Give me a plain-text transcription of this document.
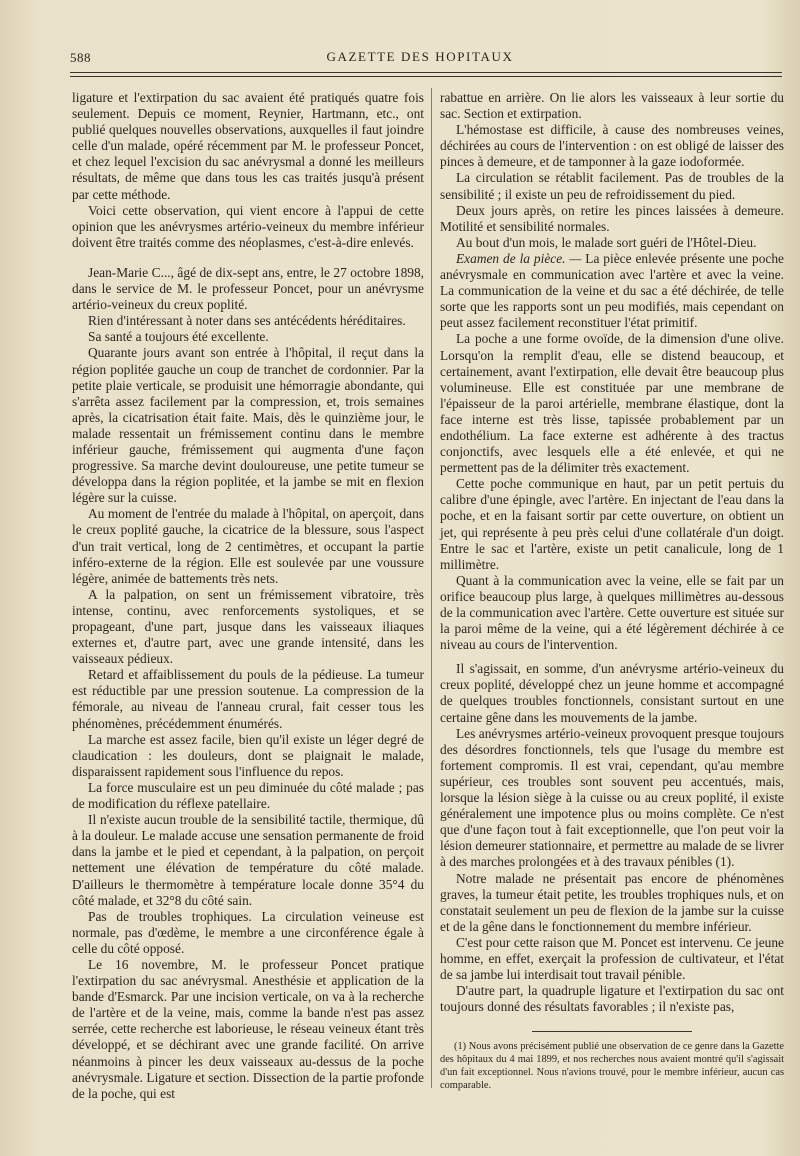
588	GAZETTE DES HOPITAUX

ligature et l'extirpation du sac avaient été pratiqués quatre fois seulement. Depuis ce moment, Reynier, Hartmann, etc., ont publié quelques nouvelles observations, auxquelles il faut joindre celle d'un malade, opéré récemment par M. le professeur Poncet, et chez lequel l'excision du sac anévrysmal a donné les meilleurs résultats, de même que dans tous les cas traités jusqu'à présent par cette méthode.

Voici cette observation, qui vient encore à l'appui de cette opinion que les anévrysmes artério-veineux du membre inférieur doivent être traités comme des néoplasmes, c'est-à-dire enlevés.

Jean-Marie C..., âgé de dix-sept ans, entre, le 27 octobre 1898, dans le service de M. le professeur Poncet, pour un anévrysme artério-veineux du creux poplité.

Rien d'intéressant à noter dans ses antécédents héréditaires.

Sa santé a toujours été excellente.

Quarante jours avant son entrée à l'hôpital, il reçut dans la région poplitée gauche un coup de tranchet de cordonnier. Par la petite plaie verticale, se produisit une hémorragie abondante, qui s'arrêta assez facilement par la compression, et, trois semaines après, la cicatrisation était faite. Mais, dès le quinzième jour, le malade ressentait un frémissement continu dans le membre inférieur gauche, frémissement qui augmenta d'une façon progressive. Sa marche devint douloureuse, une petite tumeur se développa dans la région poplitée, et la jambe se mit en flexion légère sur la cuisse.

Au moment de l'entrée du malade à l'hôpital, on aperçoit, dans le creux poplité gauche, la cicatrice de la blessure, sous l'aspect d'un trait vertical, long de 2 centimètres, et occupant la partie inféro-externe de la région. Elle est soulevée par une voussure légère, animée de battements très nets.

A la palpation, on sent un frémissement vibratoire, très intense, continu, avec renforcements systoliques, et se propageant, d'une part, jusque dans les vaisseaux iliaques externes et, d'autre part, avec une grande intensité, dans les vaisseaux pédieux.

Retard et affaiblissement du pouls de la pédieuse. La tumeur est réductible par une pression soutenue. La compression de la fémorale, au niveau de l'anneau crural, fait cesser tous les phénomènes, précédemment énumérés.

La marche est assez facile, bien qu'il existe un léger degré de claudication : les douleurs, dont se plaignait le malade, disparaissent rapidement sous l'influence du repos.

La force musculaire est un peu diminuée du côté malade ; pas de modification du réflexe patellaire.

Il n'existe aucun trouble de la sensibilité tactile, thermique, dû à la douleur. Le malade accuse une sensation permanente de froid dans la jambe et le pied et cependant, à la palpation, on perçoit nettement une élévation de température du côté malade. D'ailleurs le thermomètre à température locale donne 35°4 du côté malade, et 32°8 du côté sain.

Pas de troubles trophiques. La circulation veineuse est normale, pas d'œdème, le membre a une circonférence égale à celle du côté opposé.

Le 16 novembre, M. le professeur Poncet pratique l'extirpation du sac anévrysmal. Anesthésie et application de la bande d'Esmarck. Par une incision verticale, on va à la recherche de l'artère et de la veine, mais, comme la bande n'est pas assez serrée, cette recherche est laborieuse, le réseau veineux étant très développé, et se déchirant avec une grande facilité. On arrive néanmoins à pincer les deux vaisseaux au-dessus de la poche anévrysmale. Ligature et section. Dissection de la partie profonde de la poche, qui est

rabattue en arrière. On lie alors les vaisseaux à leur sortie du sac. Section et extirpation.

L'hémostase est difficile, à cause des nombreuses veines, déchirées au cours de l'intervention : on est obligé de laisser des pinces à demeure, et de tamponner à la gaze iodoformée.

La circulation se rétablit facilement. Pas de troubles de la sensibilité ; il existe un peu de refroidissement du pied.

Deux jours après, on retire les pinces laissées à demeure. Motilité et sensibilité normales.

Au bout d'un mois, le malade sort guéri de l'Hôtel-Dieu.

Examen de la pièce. — La pièce enlevée présente une poche anévrysmale en communication avec l'artère et avec la veine. La communication de la veine et du sac a été déchirée, de telle sorte que les rapports sont un peu modifiés, mais cependant on peut assez facilement reconstituer l'état primitif.

La poche a une forme ovoïde, de la dimension d'une olive. Lorsqu'on la remplit d'eau, elle se distend beaucoup, et certainement, avant l'extirpation, elle devait être beaucoup plus volumineuse. Elle est constituée par une membrane de l'épaisseur de la paroi artérielle, membrane élastique, dont la face interne est très lisse, tapissée probablement par un endothélium. La face externe est adhérente à des tractus conjonctifs, avec lesquels elle a été enlevée, et qui ne permettent pas de la délimiter très exactement.

Cette poche communique en haut, par un petit pertuis du calibre d'une épingle, avec l'artère. En injectant de l'eau dans la poche, et en la faisant sortir par cette ouverture, on obtient un jet, qui représente à peu près celui d'une collatérale d'un doigt. Entre le sac et l'artère, existe un petit canalicule, long de 1 millimètre.

Quant à la communication avec la veine, elle se fait par un orifice beaucoup plus large, à quelques millimètres au-dessous de la communication avec l'artère. Cette ouverture est située sur la paroi même de la veine, qui a été légèrement déchirée à ce niveau au cours de l'intervention.

Il s'agissait, en somme, d'un anévrysme artério-veineux du creux poplité, développé chez un jeune homme et accompagné de quelques troubles fonctionnels, consistant surtout en une certaine gêne dans les mouvements de la jambe.

Les anévrysmes artério-veineux provoquent presque toujours des désordres fonctionnels, tels que l'usage du membre est fortement compromis. Il est vrai, cependant, qu'au membre supérieur, ces troubles sont souvent peu accentués, mais, lorsque la lésion siège à la cuisse ou au creux poplité, il existe généralement une impotence plus ou moins complète. Ce n'est que d'une façon tout à fait exceptionnelle, que l'on peut voir la lésion demeurer stationnaire, et permettre au malade de se livrer à des marches prolongées et à des travaux pénibles (1).

Notre malade ne présentait pas encore de phénomènes graves, la tumeur était petite, les troubles trophiques nuls, et on constatait seulement un peu de flexion de la jambe sur la cuisse et de la gêne dans le fonctionnement du membre inférieur.

C'est pour cette raison que M. Poncet est intervenu. Ce jeune homme, en effet, exerçait la profession de cultivateur, et l'état de sa jambe lui interdisait tout travail pénible.

D'autre part, la quadruple ligature et l'extirpation du sac ont toujours donné des résultats favorables ; il n'existe pas,

(1) Nous avons précisément publié une observation de ce genre dans la Gazette des hôpitaux du 4 mai 1899, et nos recherches nous avaient montré qu'il s'agissait d'un fait exceptionnel. Nous n'avions trouvé, pour le membre inférieur, aucun cas comparable.
